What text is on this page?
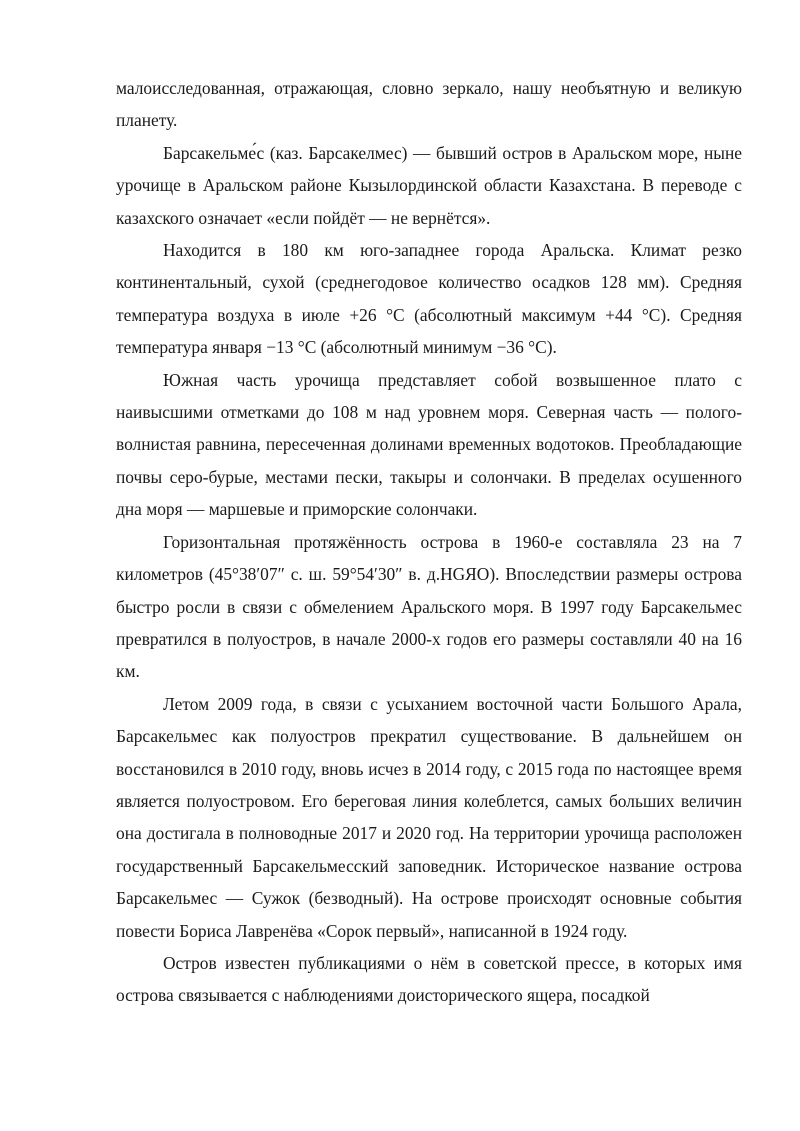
малоисследованная, отражающая, словно зеркало, нашу необъятную и великую планету.

Барсакельме́с (каз. Барсакелмес) — бывший остров в Аральском море, ныне урочище в Аральском районе Кызылординской области Казахстана. В переводе с казахского означает «если пойдёт — не вернётся».

Находится в 180 км юго-западнее города Аральска. Климат резко континентальный, сухой (среднегодовое количество осадков 128 мм). Средняя температура воздуха в июле +26 °C (абсолютный максимум +44 °C). Средняя температура января −13 °C (абсолютный минимум −36 °C).

Южная часть урочища представляет собой возвышенное плато с наивысшими отметками до 108 м над уровнем моря. Северная часть — полого-волнистая равнина, пересеченная долинами временных водотоков. Преобладающие почвы серо-бурые, местами пески, такыры и солончаки. В пределах осушенного дна моря — маршевые и приморские солончаки.

Горизонтальная протяжённость острова в 1960-е составляла 23 на 7 километров (45°38′07″ с. ш. 59°54′30″ в. д.HGЯO). Впоследствии размеры острова быстро росли в связи с обмелением Аральского моря. В 1997 году Барсакельмес превратился в полуостров, в начале 2000-х годов его размеры составляли 40 на 16 км.

Летом 2009 года, в связи с усыханием восточной части Большого Арала, Барсакельмес как полуостров прекратил существование. В дальнейшем он восстановился в 2010 году, вновь исчез в 2014 году, с 2015 года по настоящее время является полуостровом. Его береговая линия колеблется, самых больших величин она достигала в полноводные 2017 и 2020 год. На территории урочища расположен государственный Барсакельмесский заповедник. Историческое название острова Барсакельмес — Сужок (безводный). На острове происходят основные события повести Бориса Лавренёва «Сорок первый», написанной в 1924 году.

Остров известен публикациями о нём в советской прессе, в которых имя острова связывается с наблюдениями доисторического ящера, посадкой
